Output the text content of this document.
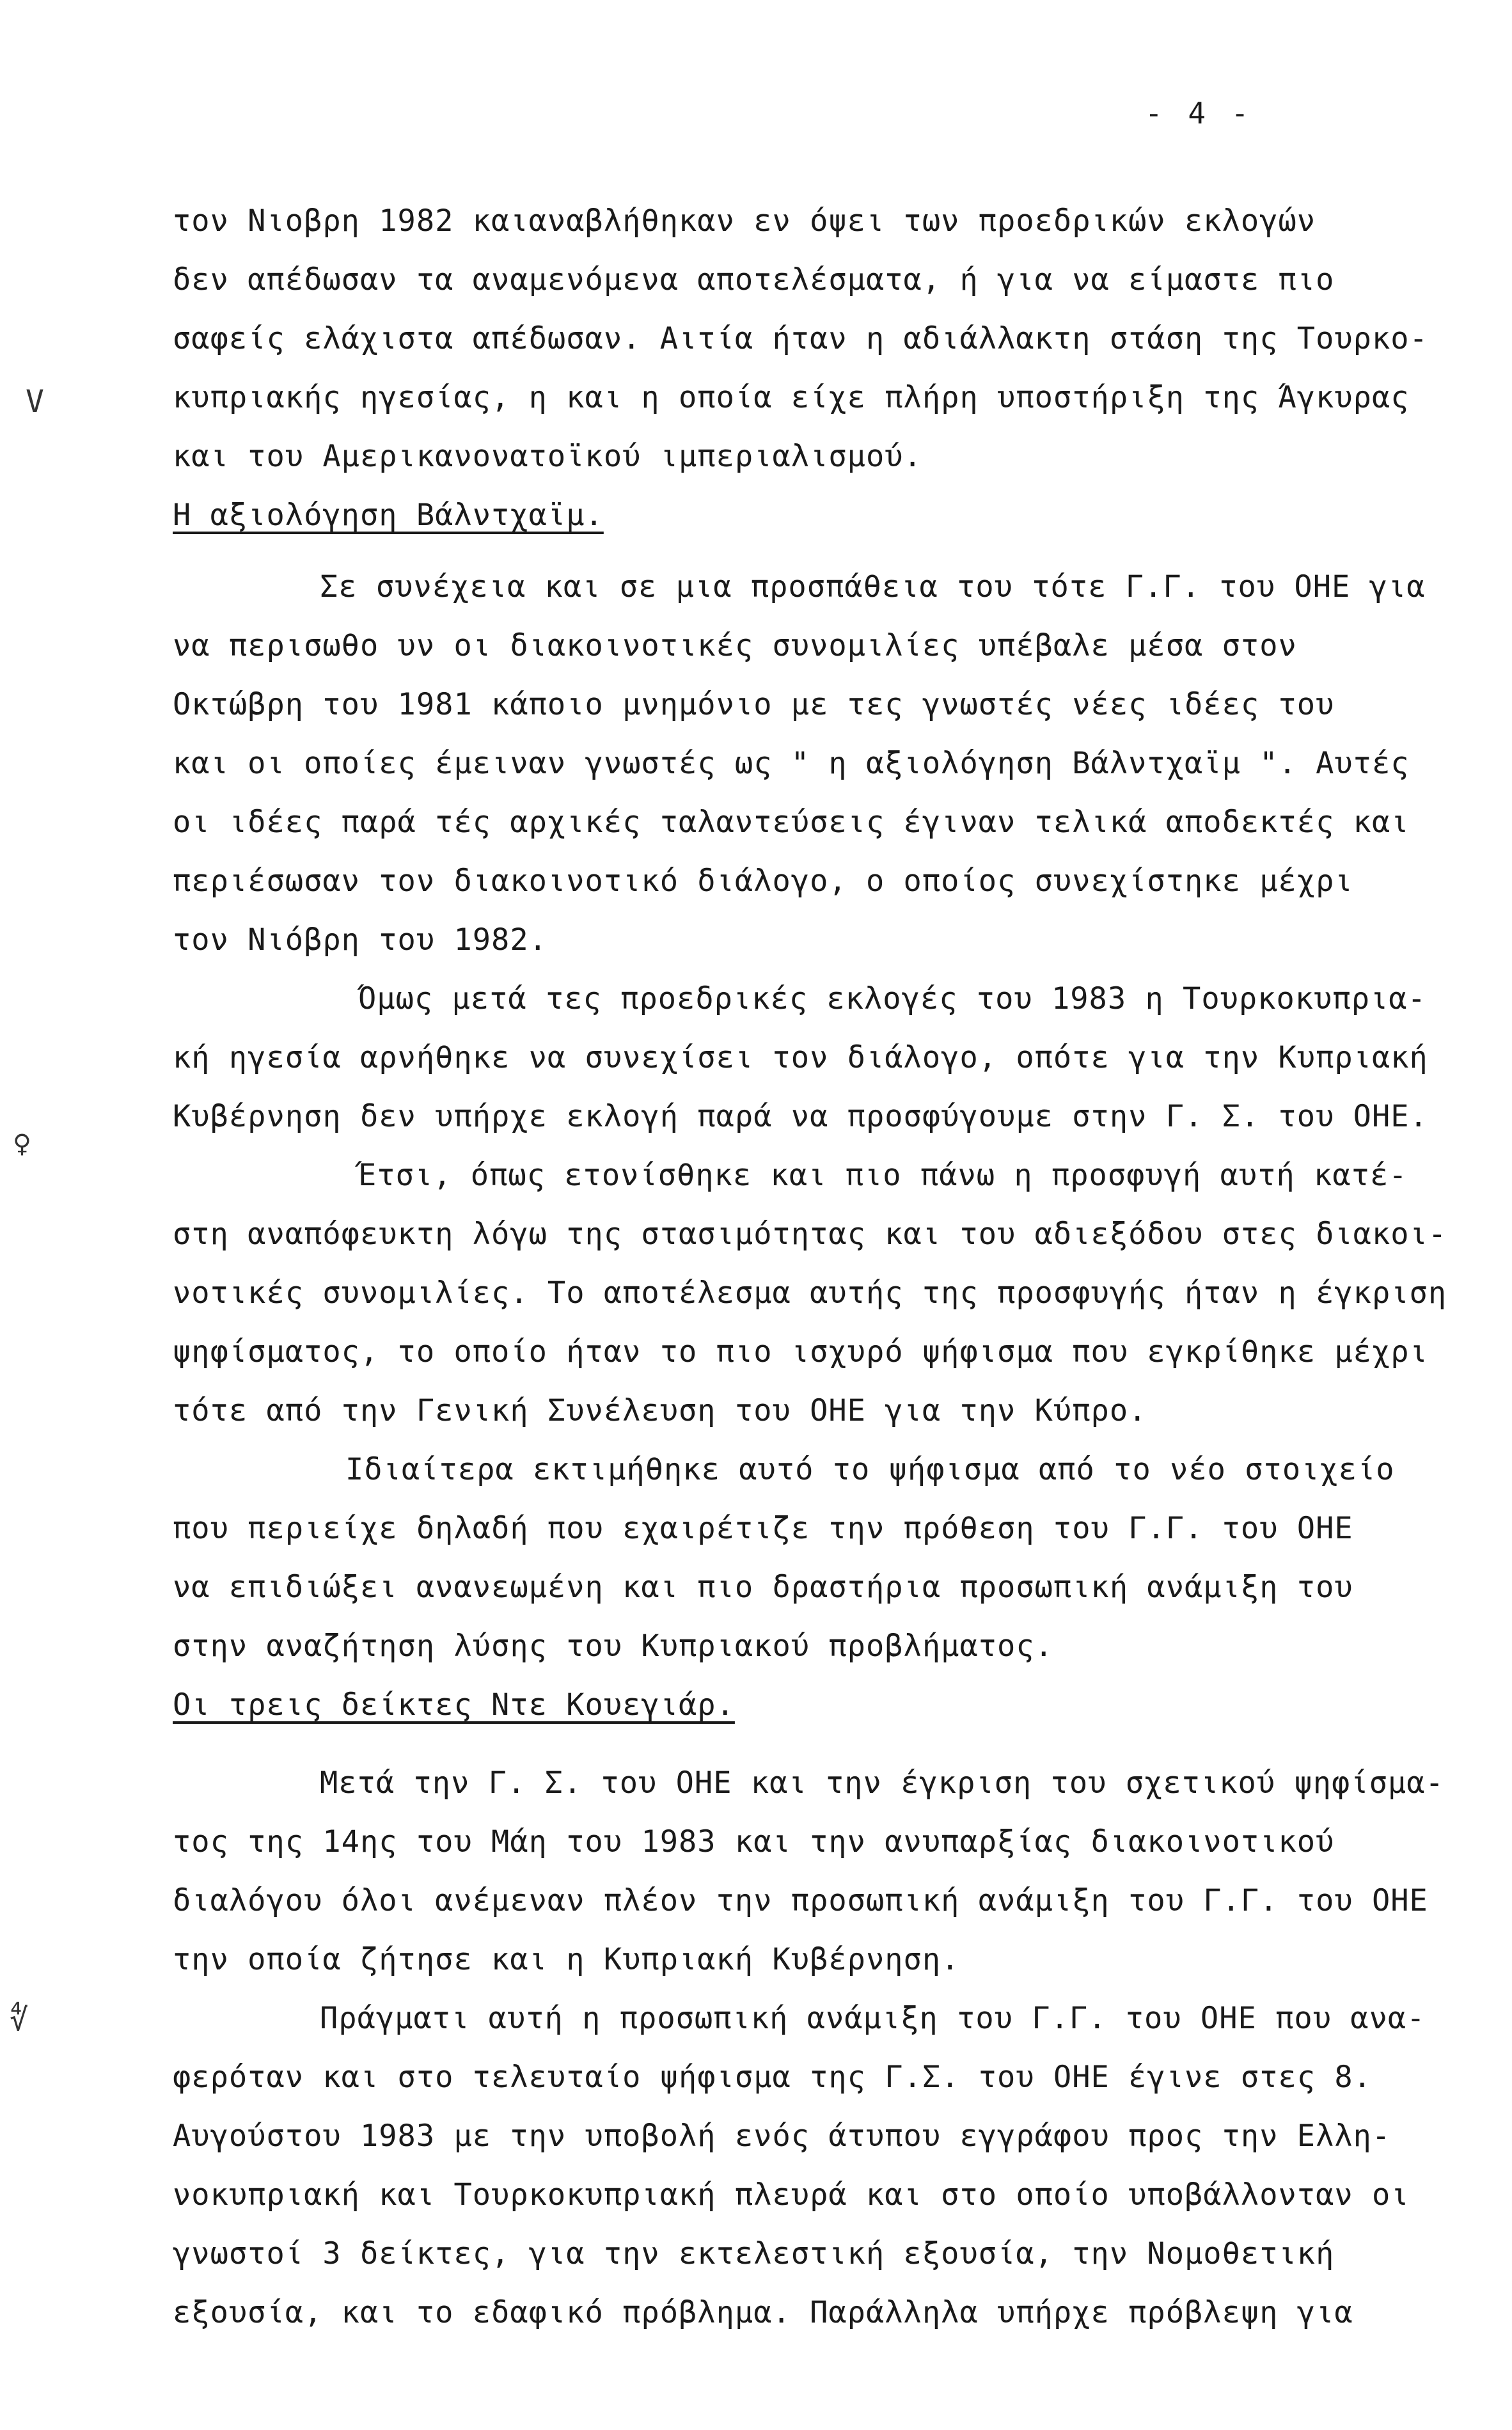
- 4 -
V
♀
∜
τον Νιοβρη 1982 καιαναβλήθηκαν εν όψει των προεδρικών εκλογών
δεν απέδωσαν τα αναμενόμενα αποτελέσματα, ή για να είμαστε πιο
σαφείς ελάχιστα απέδωσαν. Αιτία ήταν η αδιάλλακτη στάση της Τουρκο-
κυπριακής ηγεσίας, η και η οποία είχε πλήρη υποστήριξη της Άγκυρας
και του Αμερικανονατοϊκού ιμπεριαλισμού.
Η αξιολόγηση Βάλντχαϊμ.
Σε συνέχεια και σε μια προσπάθεια του τότε Γ.Γ. του ΟΗΕ για
να περισωθο υν οι διακοινοτικές συνομιλίες υπέβαλε μέσα στον
Οκτώβρη του 1981 κάποιο μνημόνιο με τες γνωστές νέες ιδέες του
και οι οποίες έμειναν γνωστές ως " η αξιολόγηση Βάλντχαϊμ ". Αυτές
οι ιδέες παρά τές αρχικές ταλαντεύσεις έγιναν τελικά αποδεκτές και
περιέσωσαν τον διακοινοτικό διάλογο, ο οποίος συνεχίστηκε μέχρι
τον Νιόβρη του 1982.
Όμως μετά τες προεδρικές εκλογές του 1983 η Τουρκοκυπρια-
κή ηγεσία αρνήθηκε να συνεχίσει τον διάλογο, οπότε για την Κυπριακή
Κυβέρνηση δεν υπήρχε εκλογή παρά να προσφύγουμε στην Γ. Σ. του ΟΗΕ.
Έτσι, όπως ετονίσθηκε και πιο πάνω η προσφυγή αυτή κατέ-
στη αναπόφευκτη λόγω της στασιμότητας και του αδιεξόδου στες διακοι-
νοτικές συνομιλίες. Το αποτέλεσμα αυτής της προσφυγής ήταν η έγκριση
ψηφίσματος, το οποίο ήταν το πιο ισχυρό ψήφισμα που εγκρίθηκε μέχρι
τότε από την Γενική Συνέλευση του ΟΗΕ για την Κύπρο.
Ιδιαίτερα εκτιμήθηκε αυτό το ψήφισμα από το νέο στοιχείο
που περιείχε δηλαδή που εχαιρέτιζε την πρόθεση του Γ.Γ. του ΟΗΕ
να επιδιώξει ανανεωμένη και πιο δραστήρια προσωπική ανάμιξη του
στην αναζήτηση λύσης του Κυπριακού προβλήματος.
Οι τρεις δείκτες Ντε Κουεγιάρ.
Μετά την Γ. Σ. του ΟΗΕ και την έγκριση του σχετικού ψηφίσμα-
τος της 14ης του Μάη του 1983 και την ανυπαρξίας διακοινοτικού
διαλόγου όλοι ανέμεναν πλέον την προσωπική ανάμιξη του Γ.Γ. του ΟΗΕ
την οποία ζήτησε και η Κυπριακή Κυβέρνηση.
Πράγματι αυτή η προσωπική ανάμιξη του Γ.Γ. του ΟΗΕ που ανα-
φερόταν και στο τελευταίο ψήφισμα της Γ.Σ. του ΟΗΕ έγινε στες 8.
Αυγούστου 1983 με την υποβολή ενός άτυπου εγγράφου προς την Ελλη-
νοκυπριακή και Τουρκοκυπριακή πλευρά και στο οποίο υποβάλλονταν οι
γνωστοί 3 δείκτες, για την εκτελεστική εξουσία, την Νομοθετική
εξουσία, και το εδαφικό πρόβλημα. Παράλληλα υπήρχε πρόβλεψη για
